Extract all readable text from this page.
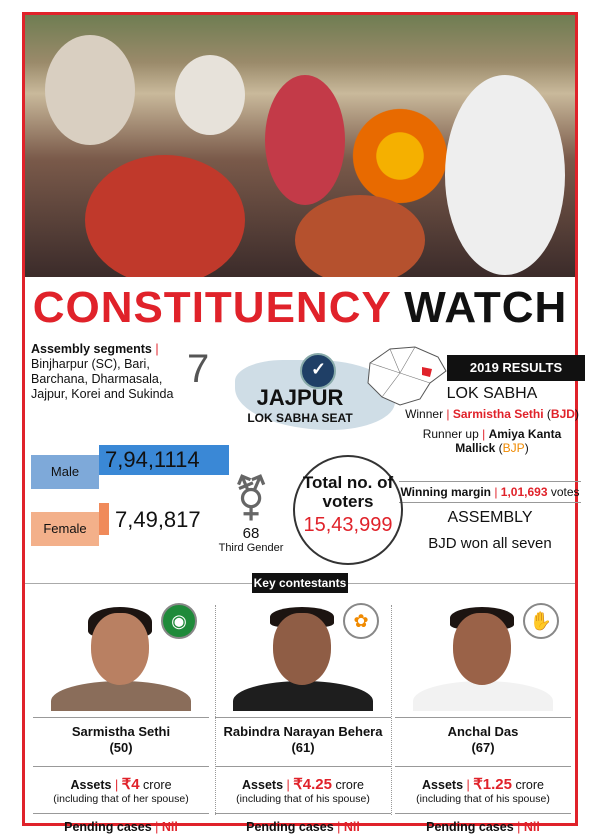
CONSTITUENCY WATCH
Assembly segments |
Binjharpur (SC), Bari, Barchana, Dharmasala, Jajpur, Korei and Sukinda
7
✓
JAJPUR
LOK SABHA SEAT
2019 RESULTS
LOK SABHA
Winner | Sarmistha Sethi (BJD)
Runner up | Amiya Kanta Mallick (BJP)
Winning margin | 1,01,693 votes
ASSEMBLY
BJD won all seven
Male	7,94,1114
Female	7,49,817 ⚧
68
Third Gender
Total no. of voters
15,43,999
Key contestants
◉
Sarmistha Sethi
(50)
Assets | ₹4 crore
(including that of her spouse)
Pending cases | Nil
✿
Rabindra Narayan Behera
(61)
Assets | ₹4.25 crore
(including that of his spouse)
Pending cases | Nil
✋
Anchal Das
(67)
Assets | ₹1.25 crore
(including that of his spouse)
Pending cases | Nil
